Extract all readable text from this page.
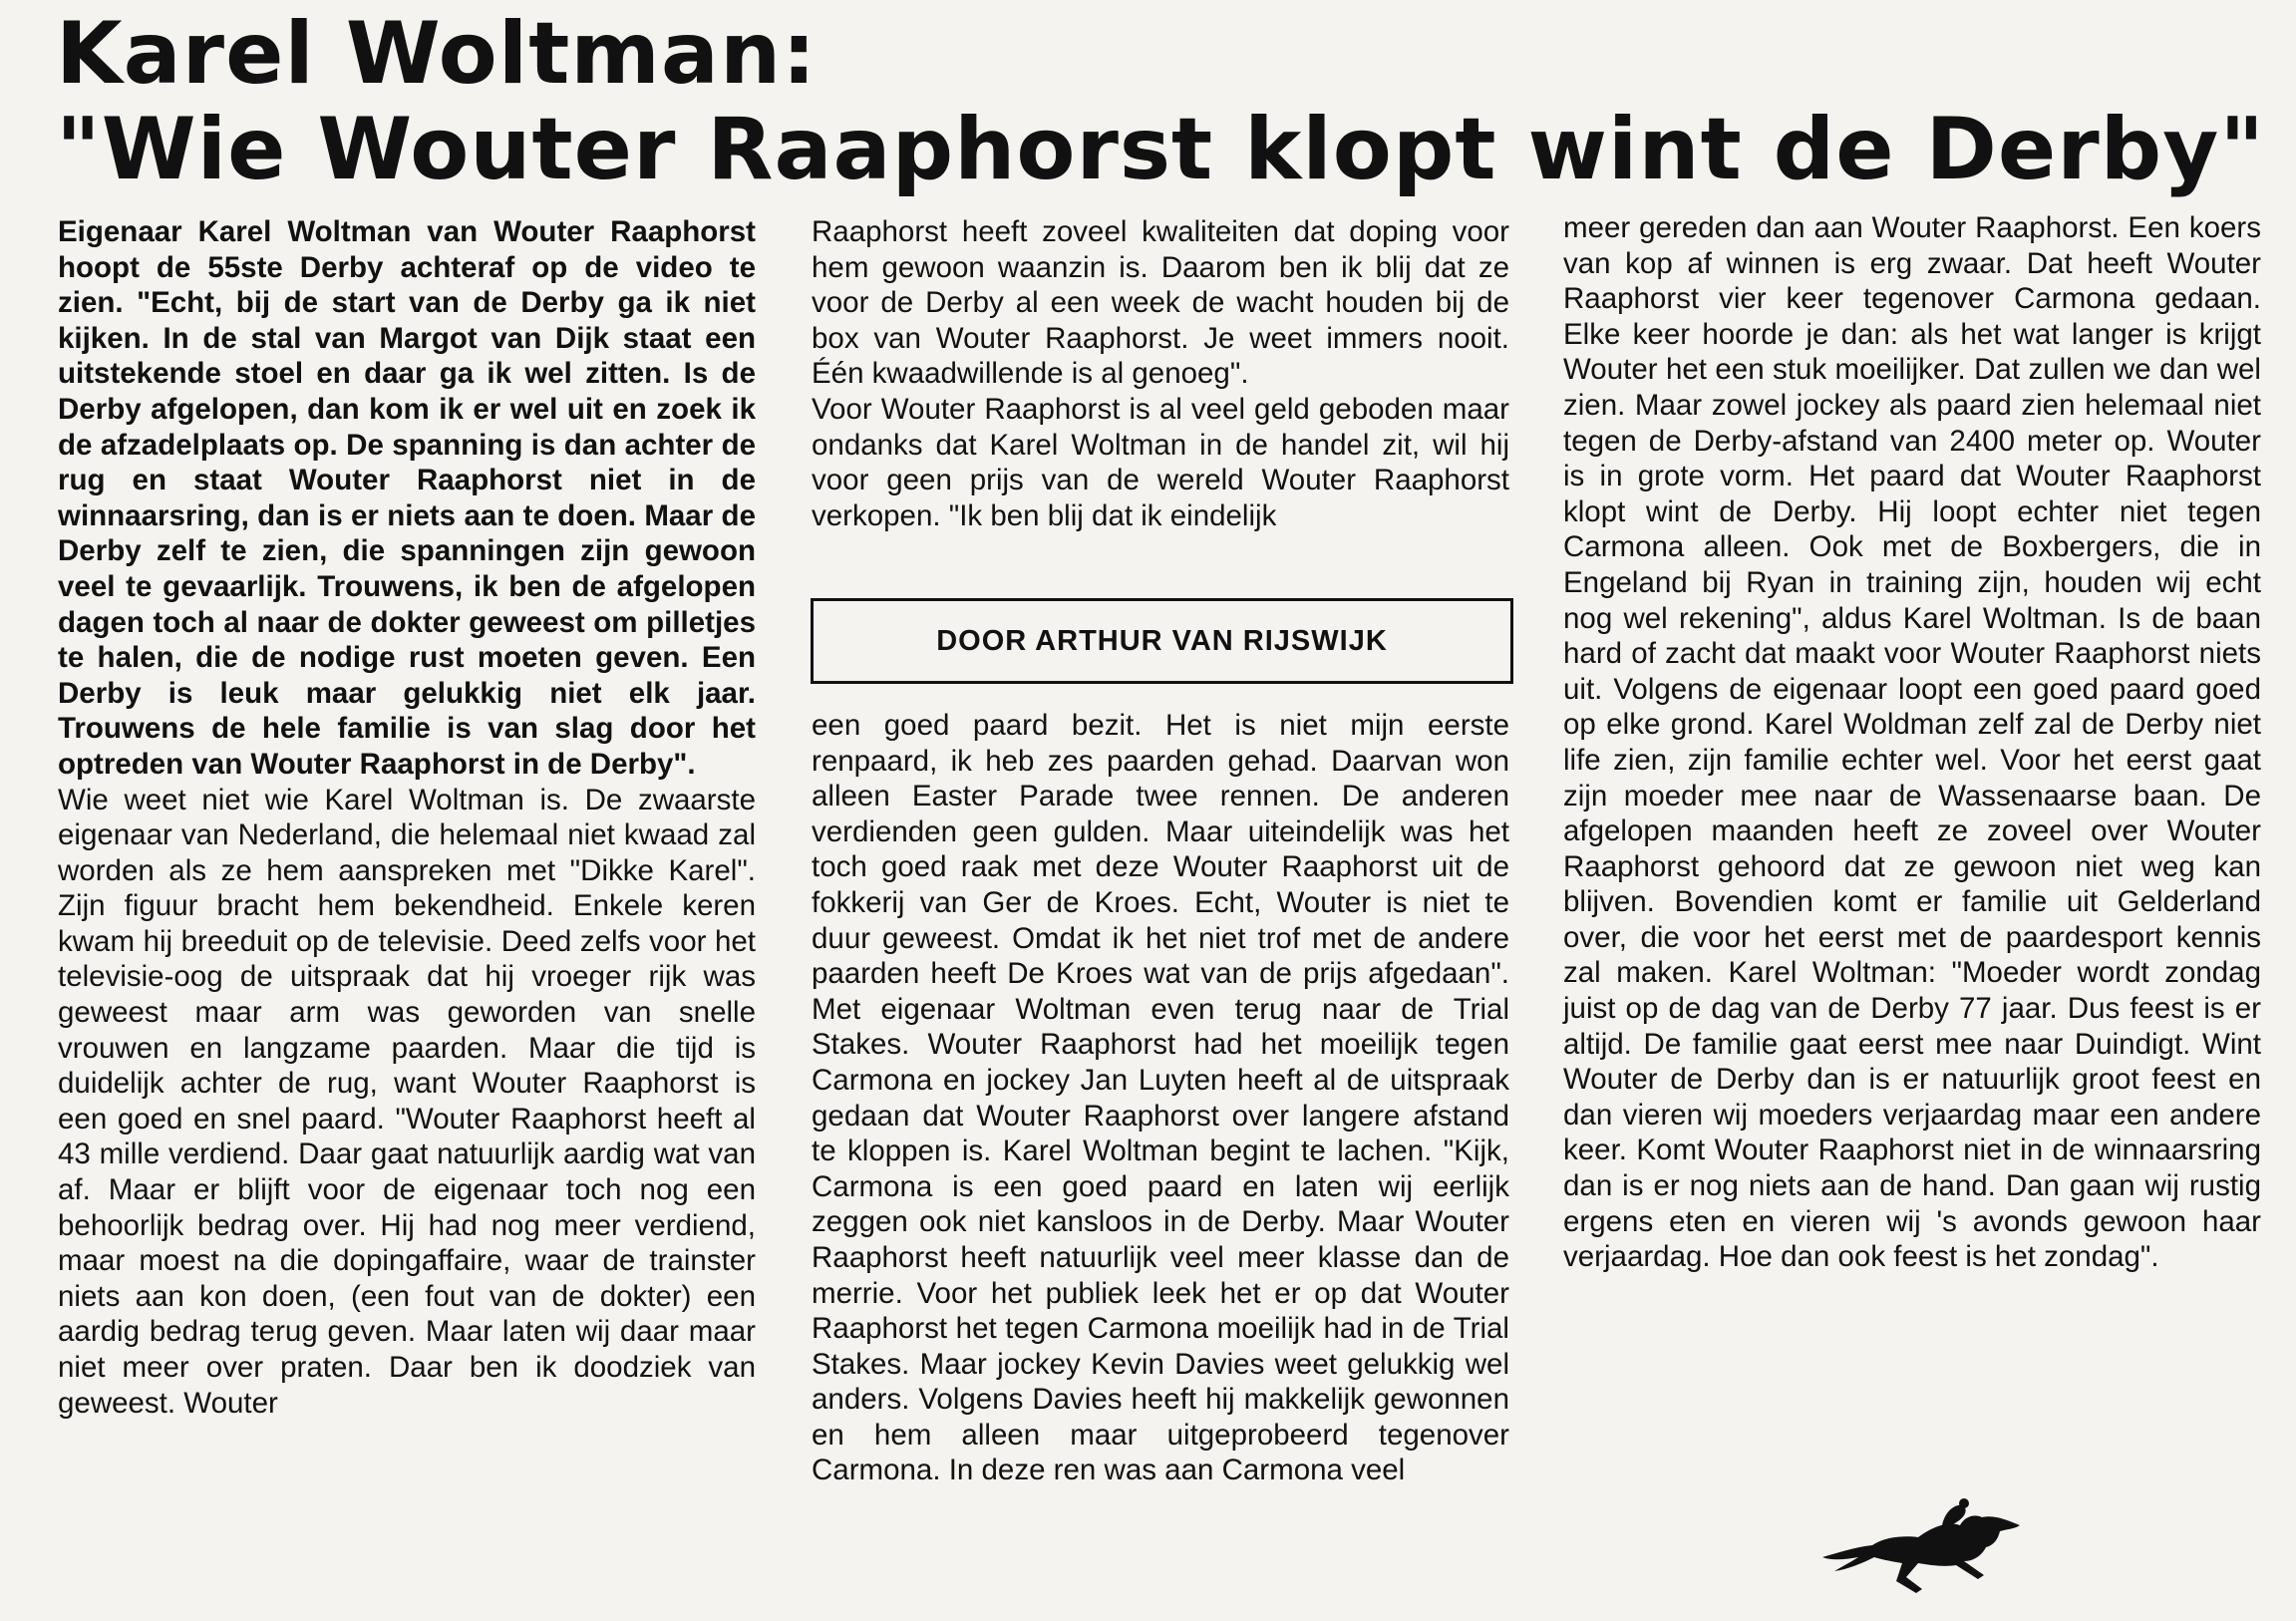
Karel Woltman:
"Wie Wouter Raaphorst klopt wint de Derby"

Eigenaar Karel Woltman van Wouter Raaphorst hoopt de 55ste Derby achteraf op de video te zien. "Echt, bij de start van de Derby ga ik niet kijken. In de stal van Margot van Dijk staat een uitstekende stoel en daar ga ik wel zitten. Is de Derby afgelopen, dan kom ik er wel uit en zoek ik de afzadelplaats op. De spanning is dan achter de rug en staat Wouter Raaphorst niet in de winnaarsring, dan is er niets aan te doen. Maar de Derby zelf te zien, die spanningen zijn gewoon veel te gevaarlijk. Trouwens, ik ben de afgelopen dagen toch al naar de dokter geweest om pilletjes te halen, die de nodige rust moeten geven. Een Derby is leuk maar gelukkig niet elk jaar. Trouwens de hele familie is van slag door het optreden van Wouter Raaphorst in de Derby".

Wie weet niet wie Karel Woltman is. De zwaarste eigenaar van Nederland, die helemaal niet kwaad zal worden als ze hem aanspreken met "Dikke Karel". Zijn figuur bracht hem bekendheid. Enkele keren kwam hij breeduit op de televisie. Deed zelfs voor het televisie-oog de uitspraak dat hij vroeger rijk was geweest maar arm was geworden van snelle vrouwen en langzame paarden. Maar die tijd is duidelijk achter de rug, want Wouter Raaphorst is een goed en snel paard. "Wouter Raaphorst heeft al 43 mille verdiend. Daar gaat natuurlijk aardig wat van af. Maar er blijft voor de eigenaar toch nog een behoorlijk bedrag over. Hij had nog meer verdiend, maar moest na die dopingaffaire, waar de trainster niets aan kon doen, (een fout van de dokter) een aardig bedrag terug geven. Maar laten wij daar maar niet meer over praten. Daar ben ik doodziek van geweest. Wouter

Raaphorst heeft zoveel kwaliteiten dat doping voor hem gewoon waanzin is. Daarom ben ik blij dat ze voor de Derby al een week de wacht houden bij de box van Wouter Raaphorst. Je weet immers nooit. Één kwaadwillende is al genoeg".

Voor Wouter Raaphorst is al veel geld geboden maar ondanks dat Karel Woltman in de handel zit, wil hij voor geen prijs van de wereld Wouter Raaphorst verkopen. "Ik ben blij dat ik eindelijk

DOOR ARTHUR VAN RIJSWIJK

een goed paard bezit. Het is niet mijn eerste renpaard, ik heb zes paarden gehad. Daarvan won alleen Easter Parade twee rennen. De anderen verdienden geen gulden. Maar uiteindelijk was het toch goed raak met deze Wouter Raaphorst uit de fokkerij van Ger de Kroes. Echt, Wouter is niet te duur geweest. Omdat ik het niet trof met de andere paarden heeft De Kroes wat van de prijs afgedaan". Met eigenaar Woltman even terug naar de Trial Stakes. Wouter Raaphorst had het moeilijk tegen Carmona en jockey Jan Luyten heeft al de uitspraak gedaan dat Wouter Raaphorst over langere afstand te kloppen is. Karel Woltman begint te lachen. "Kijk, Carmona is een goed paard en laten wij eerlijk zeggen ook niet kansloos in de Derby. Maar Wouter Raaphorst heeft natuurlijk veel meer klasse dan de merrie. Voor het publiek leek het er op dat Wouter Raaphorst het tegen Carmona moeilijk had in de Trial Stakes. Maar jockey Kevin Davies weet gelukkig wel anders. Volgens Davies heeft hij makkelijk gewonnen en hem alleen maar uitgeprobeerd tegenover Carmona. In deze ren was aan Carmona veel

meer gereden dan aan Wouter Raaphorst. Een koers van kop af winnen is erg zwaar. Dat heeft Wouter Raaphorst vier keer tegenover Carmona gedaan. Elke keer hoorde je dan: als het wat langer is krijgt Wouter het een stuk moeilijker. Dat zullen we dan wel zien. Maar zowel jockey als paard zien helemaal niet tegen de Derby-afstand van 2400 meter op. Wouter is in grote vorm. Het paard dat Wouter Raaphorst klopt wint de Derby. Hij loopt echter niet tegen Carmona alleen. Ook met de Boxbergers, die in Engeland bij Ryan in training zijn, houden wij echt nog wel rekening", aldus Karel Woltman. Is de baan hard of zacht dat maakt voor Wouter Raaphorst niets uit. Volgens de eigenaar loopt een goed paard goed op elke grond. Karel Woldman zelf zal de Derby niet life zien, zijn familie echter wel. Voor het eerst gaat zijn moeder mee naar de Wassenaarse baan. De afgelopen maanden heeft ze zoveel over Wouter Raaphorst gehoord dat ze gewoon niet weg kan blijven. Bovendien komt er familie uit Gelderland over, die voor het eerst met de paardesport kennis zal maken. Karel Woltman: "Moeder wordt zondag juist op de dag van de Derby 77 jaar. Dus feest is er altijd. De familie gaat eerst mee naar Duindigt. Wint Wouter de Derby dan is er natuurlijk groot feest en dan vieren wij moeders verjaardag maar een andere keer. Komt Wouter Raaphorst niet in de winnaarsring dan is er nog niets aan de hand. Dan gaan wij rustig ergens eten en vieren wij 's avonds gewoon haar verjaardag. Hoe dan ook feest is het zondag".
